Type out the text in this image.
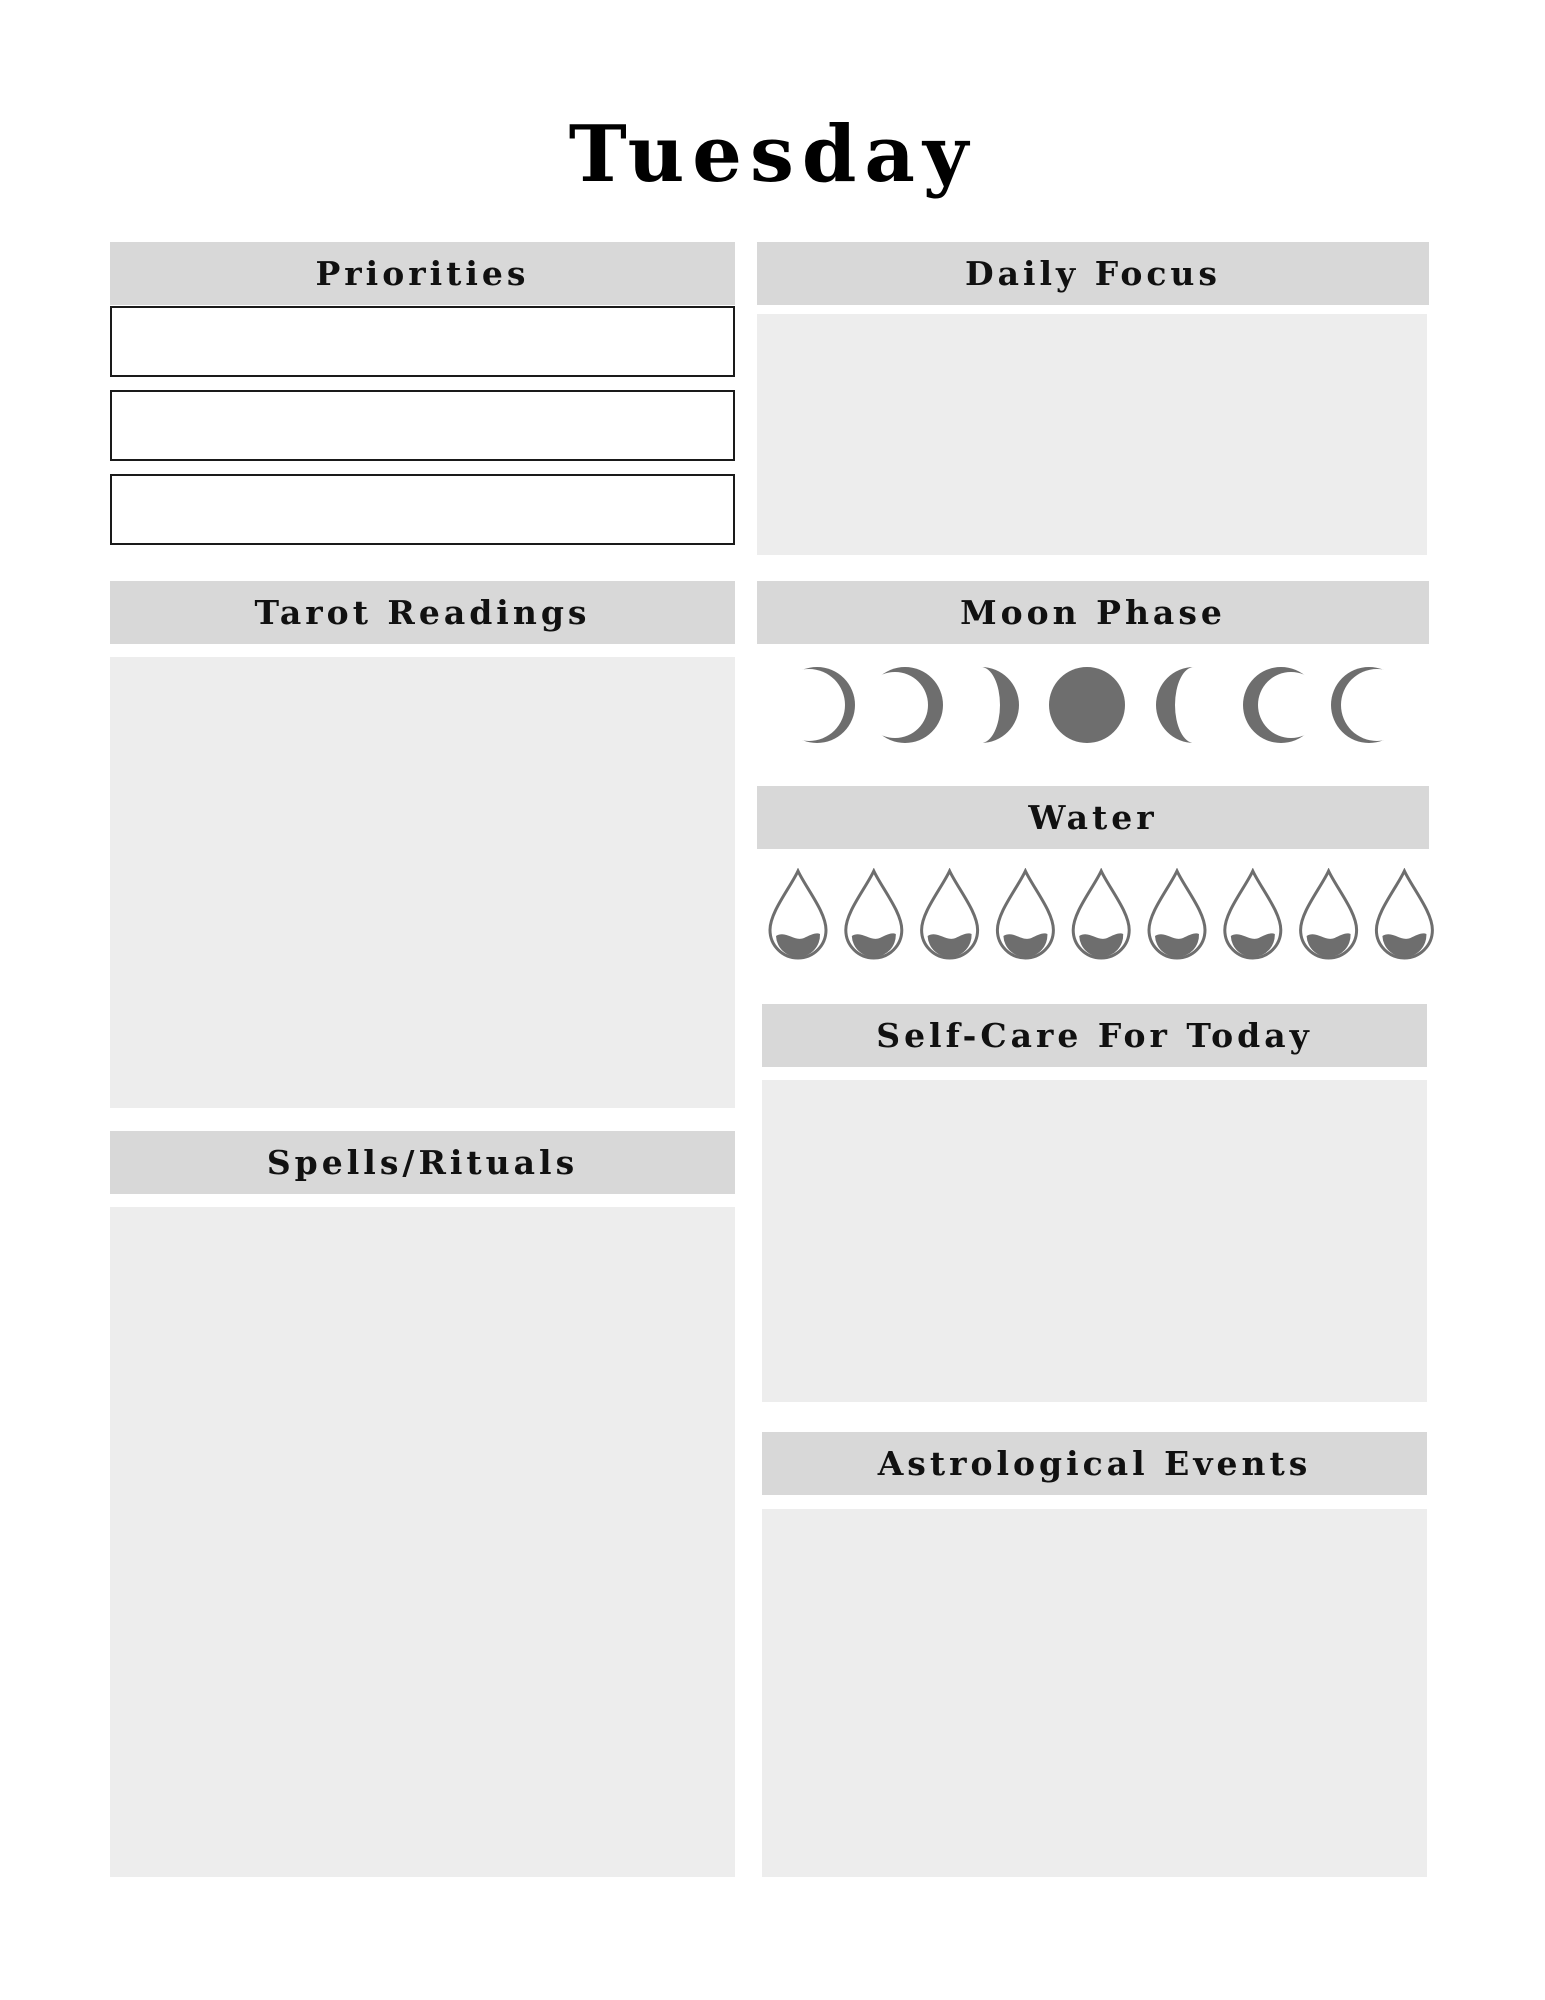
Tuesday
Priorities	Daily Focus
Tarot Readings	Moon Phase
Water
Spells/Rituals
Self-Care For Today
Astrological Events
